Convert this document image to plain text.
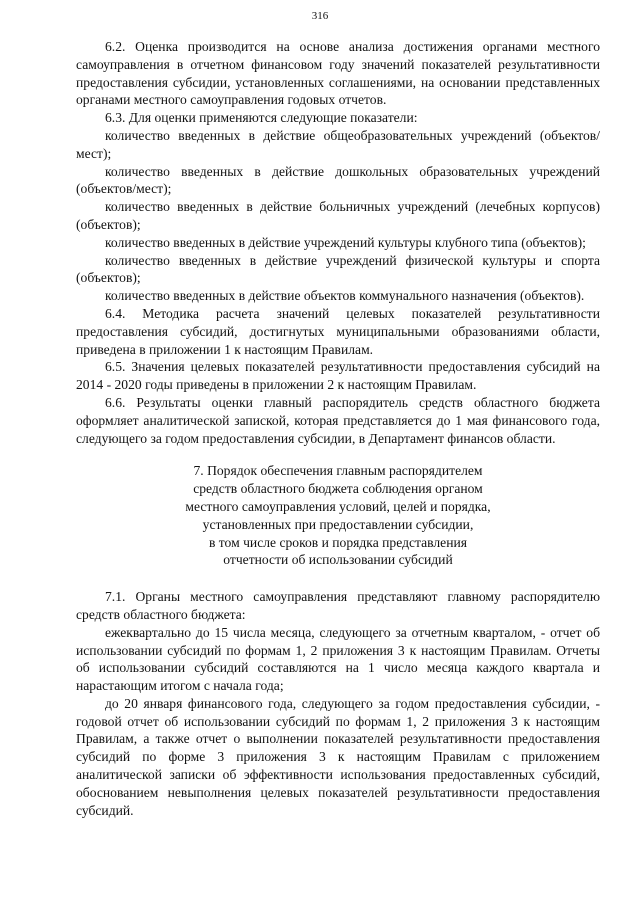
316

6.2. Оценка производится на основе анализа достижения органами местного самоуправления в отчетном финансовом году значений показателей результативности предоставления субсидии, установленных соглашениями, на основании представленных органами местного самоуправления годовых отчетов.

6.3. Для оценки применяются следующие показатели:

количество введенных в действие общеобразовательных учреждений (объектов/мест);

количество введенных в действие дошкольных образовательных учреждений (объектов/мест);

количество введенных в действие больничных учреждений (лечебных корпусов) (объектов);

количество введенных в действие учреждений культуры клубного типа (объектов);

количество введенных в действие учреждений физической культуры и спорта (объектов);

количество введенных в действие объектов коммунального назначения (объектов).

6.4. Методика расчета значений целевых показателей результативности предоставления субсидий, достигнутых муниципальными образованиями области, приведена в приложении 1 к настоящим Правилам.

6.5. Значения целевых показателей результативности предоставления субсидий на 2014 - 2020 годы приведены в приложении 2 к настоящим Правилам.

6.6. Результаты оценки главный распорядитель средств областного бюджета оформляет аналитической запиской, которая представляется до 1 мая финансового года, следующего за годом предоставления субсидии, в Департамент финансов области.

7. Порядок обеспечения главным распорядителем
средств областного бюджета соблюдения органом
местного самоуправления условий, целей и порядка,
установленных при предоставлении субсидии,
в том числе сроков и порядка представления
отчетности об использовании субсидий

7.1. Органы местного самоуправления представляют главному распорядителю средств областного бюджета:

ежеквартально до 15 числа месяца, следующего за отчетным кварталом, - отчет об использовании субсидий по формам 1, 2 приложения 3 к настоящим Правилам. Отчеты об использовании субсидий составляются на 1 число месяца каждого квартала и нарастающим итогом с начала года;

до 20 января финансового года, следующего за годом предоставления субсидии, - годовой отчет об использовании субсидий по формам 1, 2 приложения 3 к настоящим Правилам, а также отчет о выполнении показателей результативности предоставления субсидий по форме 3 приложения 3 к настоящим Правилам с приложением аналитической записки об эффективности использования предоставленных субсидий, обоснованием невыполнения целевых показателей результативности предоставления субсидий.
